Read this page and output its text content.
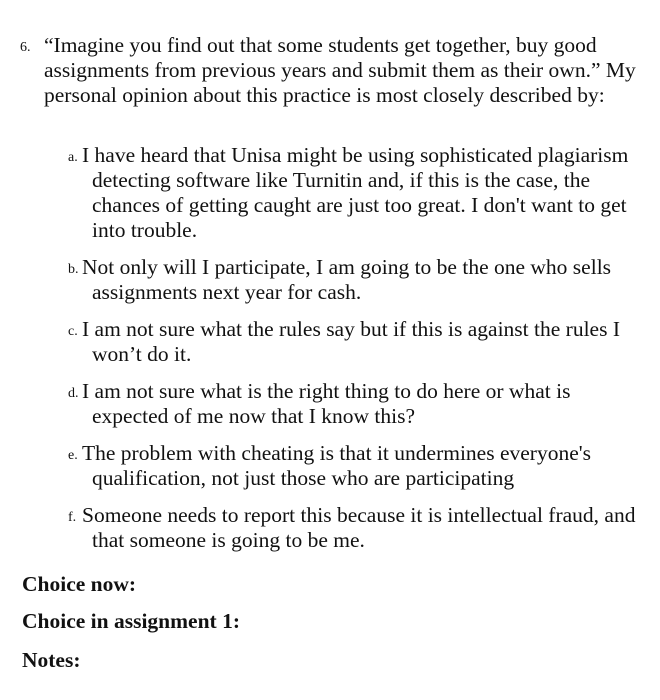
6. “Imagine you find out that some students get together, buy good assignments from previous years and submit them as their own.” My personal opinion about this practice is most closely described by:
a. I have heard that Unisa might be using sophisticated plagiarism detecting software like Turnitin and, if this is the case, the chances of getting caught are just too great. I don't want to get into trouble.
b. Not only will I participate, I am going to be the one who sells assignments next year for cash.
c. I am not sure what the rules say but if this is against the rules I won’t do it.
d. I am not sure what is the right thing to do here or what is expected of me now that I know this?
e. The problem with cheating is that it undermines everyone's qualification, not just those who are participating
f. Someone needs to report this because it is intellectual fraud, and that someone is going to be me.
Choice now:
Choice in assignment 1:
Notes:
